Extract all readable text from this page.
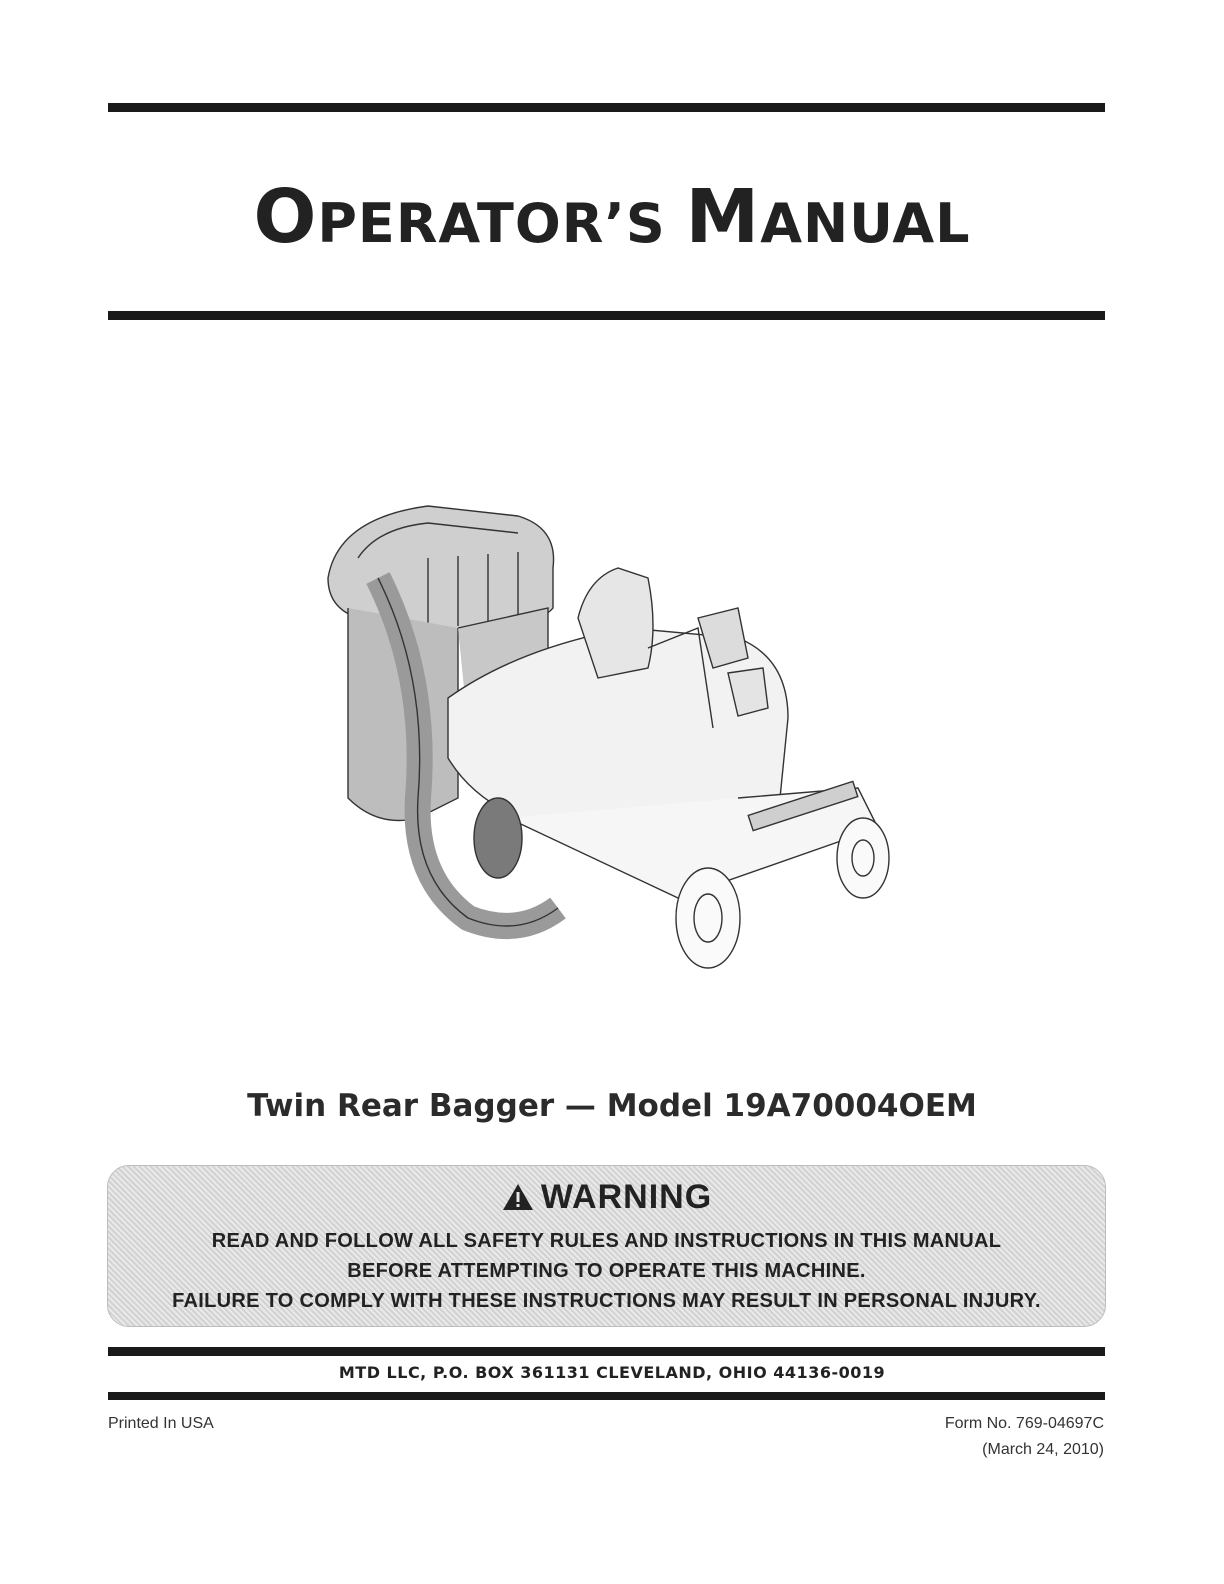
OPERATOR’S MANUAL
Twin Rear Bagger — Model 19A70004OEM
WARNING
READ AND FOLLOW ALL SAFETY RULES AND INSTRUCTIONS IN THIS MANUAL
BEFORE ATTEMPTING TO OPERATE THIS MACHINE.
FAILURE TO COMPLY WITH THESE INSTRUCTIONS MAY RESULT IN PERSONAL INJURY.
MTD LLC, P.O. BOX 361131 CLEVELAND, OHIO 44136-0019
Printed In USA	Form No. 769-04697C
(March 24, 2010)
